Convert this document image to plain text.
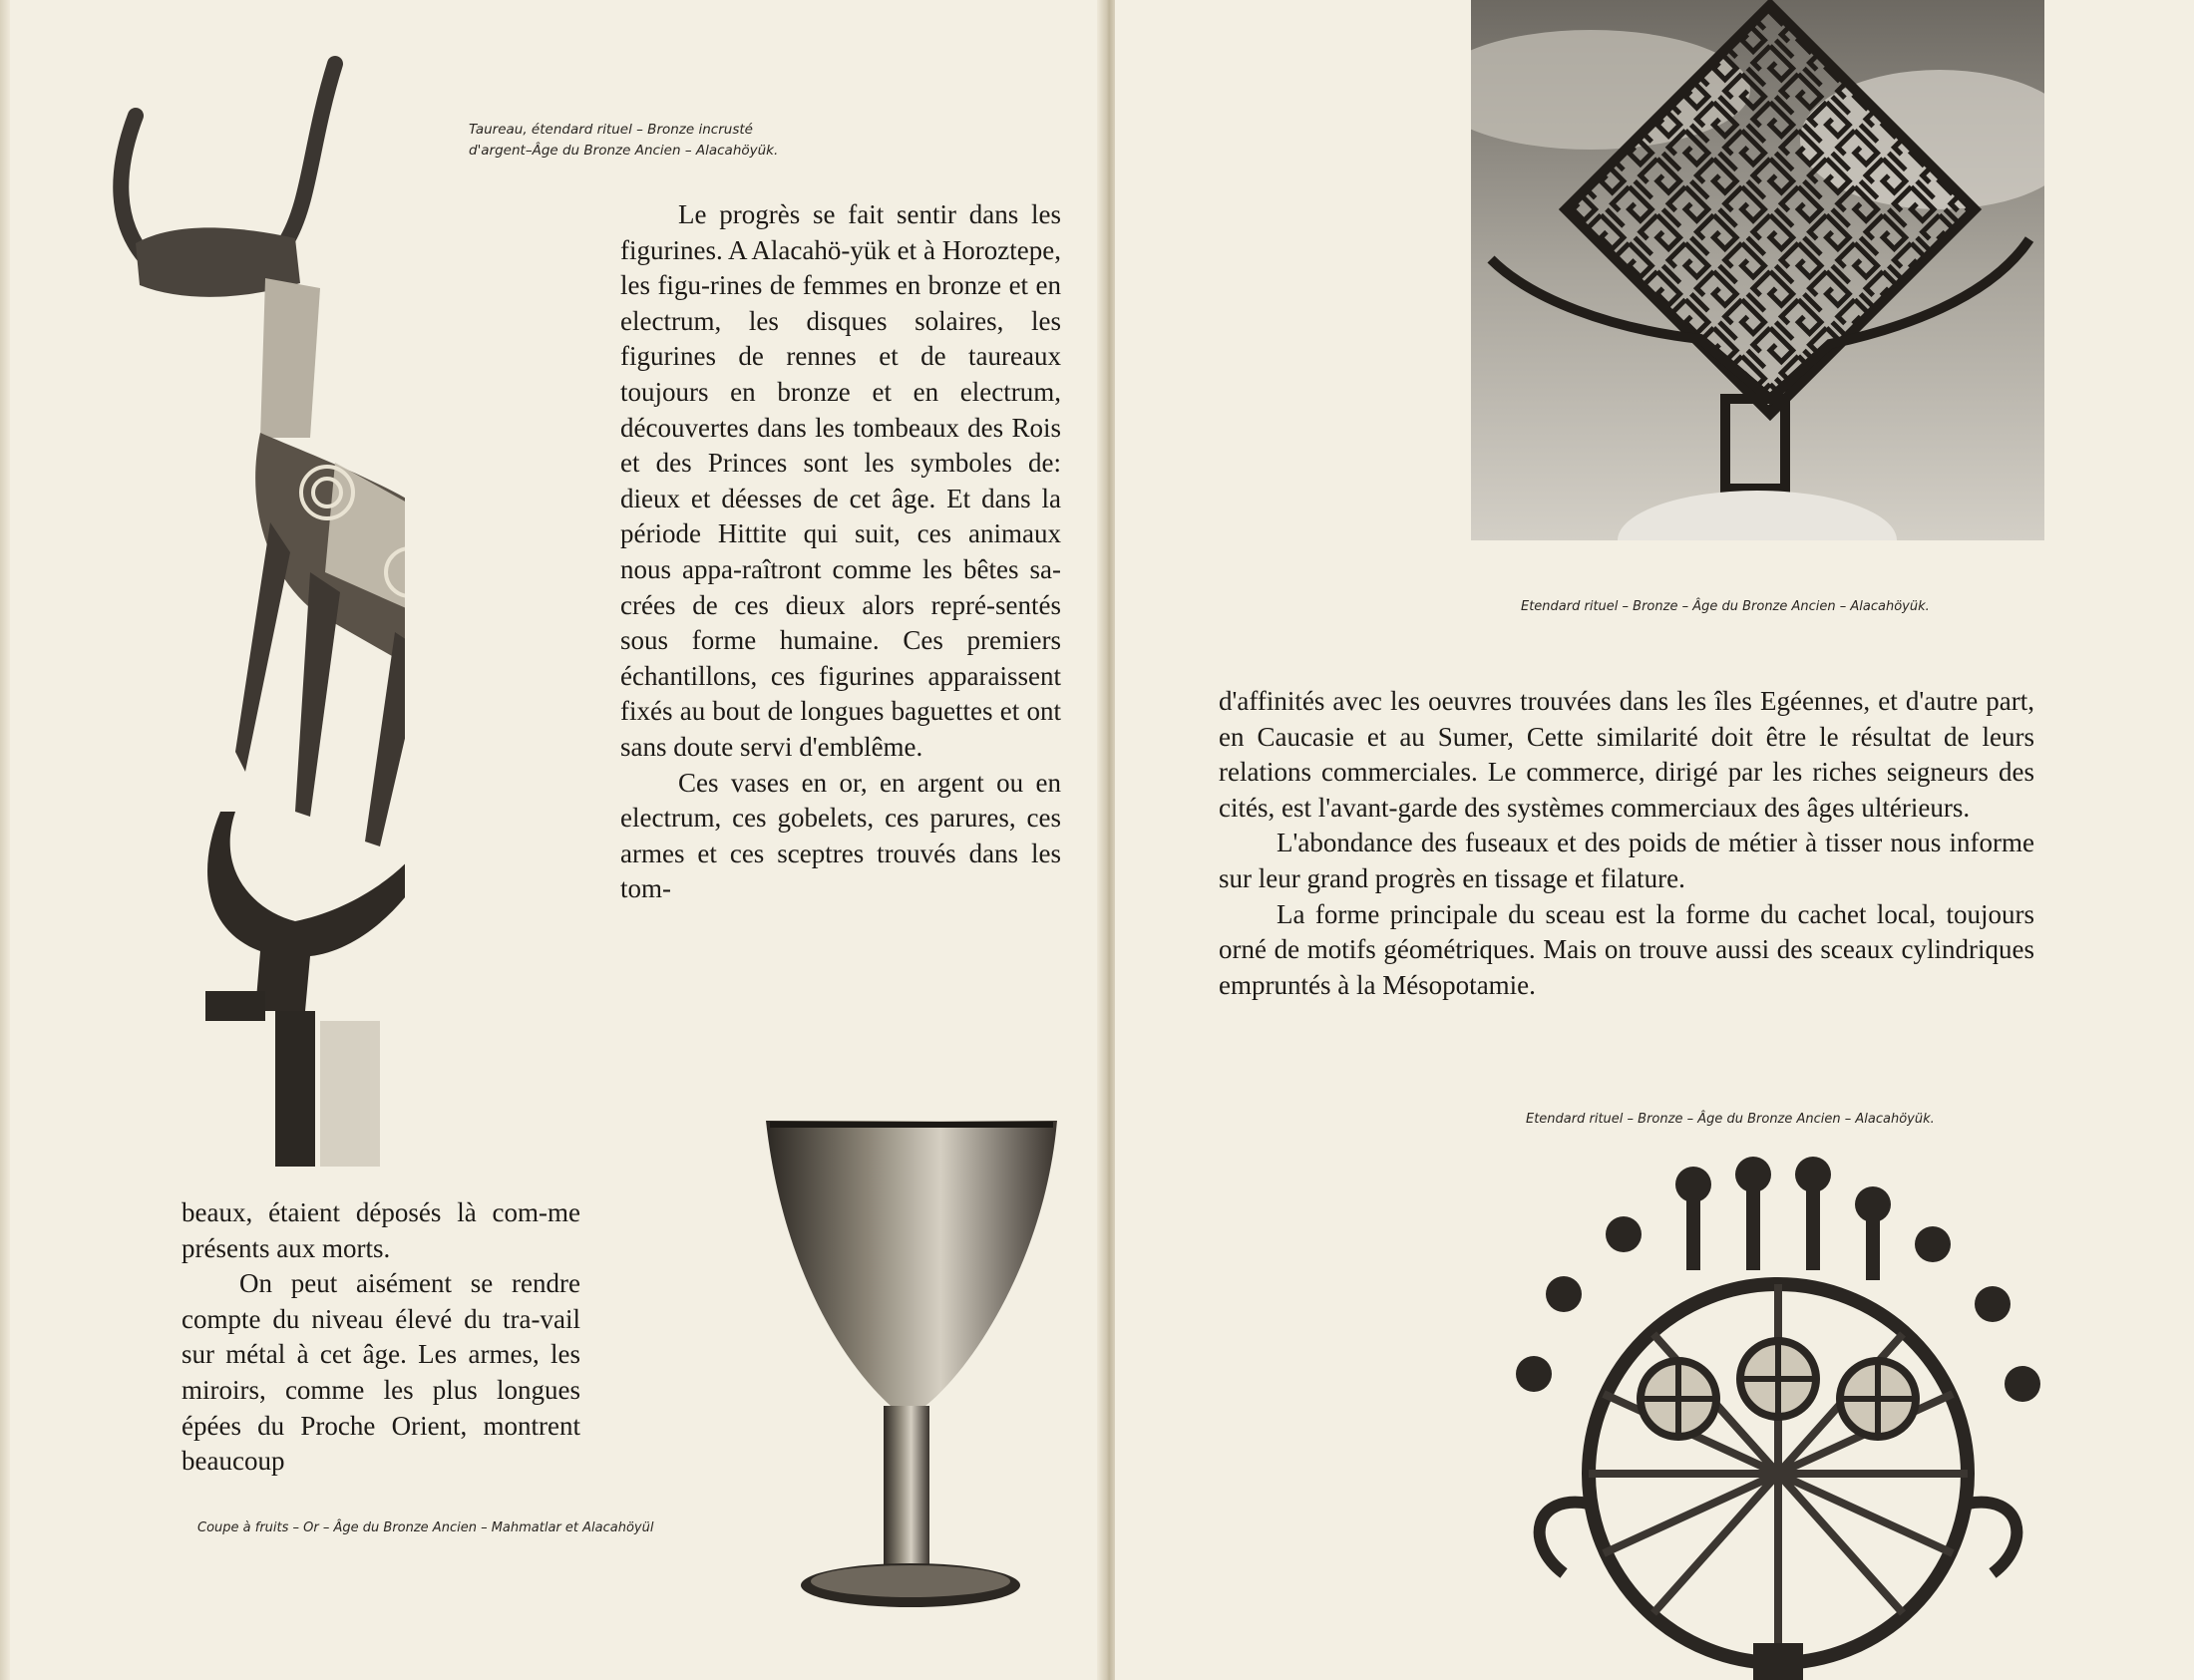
Taureau, étendard rituel – Bronze incrusté
d'argent–Âge du Bronze Ancien – Alacahöyük.

Le progrès se fait sentir dans les figurines. A Alacahö-yük et à Horoztepe, les figu-rines de femmes en bronze et en electrum, les disques solaires, les figurines de rennes et de taureaux toujours en bronze et en electrum, découvertes dans les tombeaux des Rois et des Princes sont les symboles de: dieux et déesses de cet âge. Et dans la période Hittite qui suit, ces animaux nous appa-raîtront comme les bêtes sa-crées de ces dieux alors repré-sentés sous forme humaine. Ces premiers échantillons, ces figurines apparaissent fixés au bout de longues baguettes et ont sans doute servi d'emblême.

Ces vases en or, en argent ou en electrum, ces gobelets, ces parures, ces armes et ces sceptres trouvés dans les tom-

beaux, étaient déposés là com-me présents aux morts.

On peut aisément se rendre compte du niveau élevé du tra-vail sur métal à cet âge. Les armes, les miroirs, comme les plus longues épées du Proche Orient, montrent beaucoup

Coupe à fruits – Or – Âge du Bronze Ancien – Mahmatlar et Alacahöyül
Etendard rituel – Bronze – Âge du Bronze Ancien – Alacahöyük.

d'affinités avec les oeuvres trouvées dans les îles Egéennes, et d'autre part, en Caucasie et au Sumer, Cette similarité doit être le résultat de leurs relations commerciales. Le commerce, dirigé par les riches seigneurs des cités, est l'avant-garde des systèmes commerciaux des âges ultérieurs.

L'abondance des fuseaux et des poids de métier à tisser nous informe sur leur grand progrès en tissage et filature.

La forme principale du sceau est la forme du cachet local, toujours orné de motifs géométriques. Mais on trouve aussi des sceaux cylindriques empruntés à la Mésopotamie.

Etendard rituel – Bronze – Âge du Bronze Ancien – Alacahöyük.
